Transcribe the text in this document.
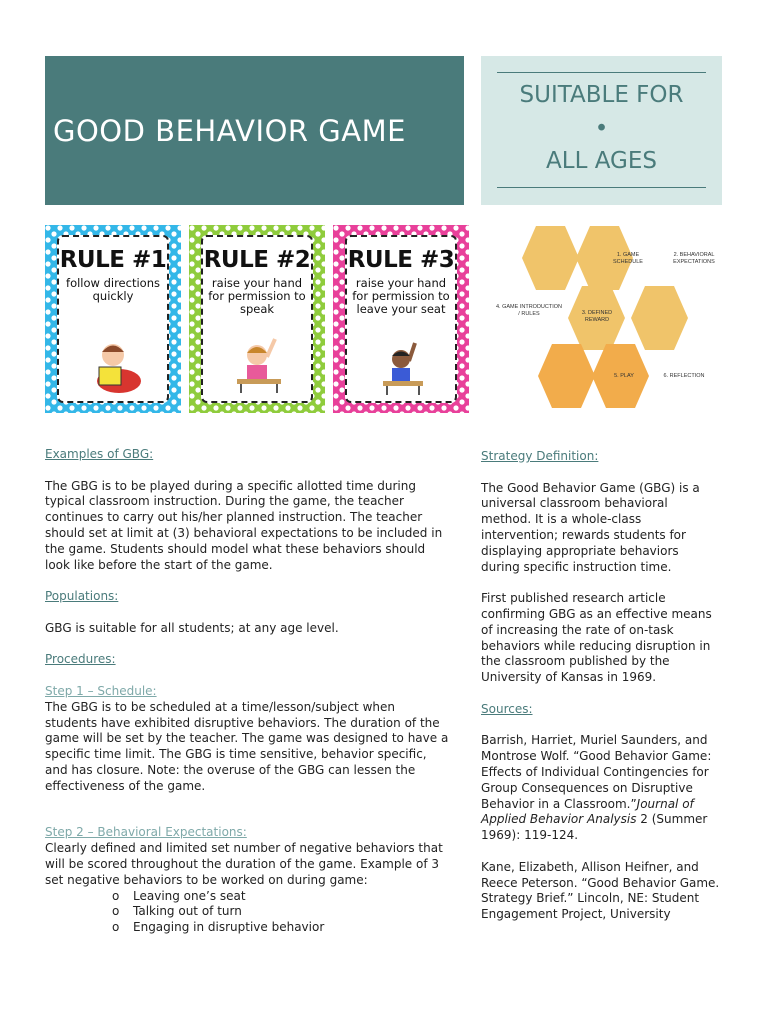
GOOD BEHAVIOR GAME
SUITABLE FOR
•
ALL AGES
RULE #1
follow directions quickly
RULE #2
raise your hand for permission to speak
RULE #3
raise your hand for permission to leave your seat
1. GAME SCHEDULE
2. BEHAVIORAL EXPECTATIONS
3. DEFINED REWARD
4. GAME INTRODUCTION / RULES
5. PLAY	6. REFLECTION
Examples of GBG:
The GBG is to be played during a specific allotted time during typical classroom instruction. During the game, the teacher continues to carry out his/her planned instruction. The teacher should set at limit at (3) behavioral expectations to be included in the game. Students should model what these behaviors should look like before the start of the game.
Populations:
GBG is suitable for all students; at any age level.
Procedures:
Step 1 – Schedule:
The GBG is to be scheduled at a time/lesson/subject when students have exhibited disruptive behaviors. The duration of the game will be set by the teacher. The game was designed to have a specific time limit. The GBG is time sensitive, behavior specific, and has closure. Note: the overuse of the GBG can lessen the effectiveness of the game.
Step 2 – Behavioral Expectations:
Clearly defined and limited set number of negative behaviors that will be scored throughout the duration of the game. Example of 3 set negative behaviors to be worked on during game:
o Leaving one’s seat
o Talking out of turn
o Engaging in disruptive behavior
Strategy Definition:
The Good Behavior Game (GBG) is a universal classroom behavioral method. It is a whole-class intervention; rewards students for displaying appropriate behaviors during specific instruction time.
First published research article confirming GBG as an effective means of increasing the rate of on-task behaviors while reducing disruption in the classroom published by the University of Kansas in 1969.
Sources:
Barrish, Harriet, Muriel Saunders, and Montrose Wolf. “Good Behavior Game: Effects of Individual Contingencies for Group Consequences on Disruptive Behavior in a Classroom.”Journal of Applied Behavior Analysis 2 (Summer 1969): 119-124.
Kane, Elizabeth, Allison Heifner, and Reece Peterson. “Good Behavior Game. Strategy Brief.” Lincoln, NE: Student Engagement Project, University
